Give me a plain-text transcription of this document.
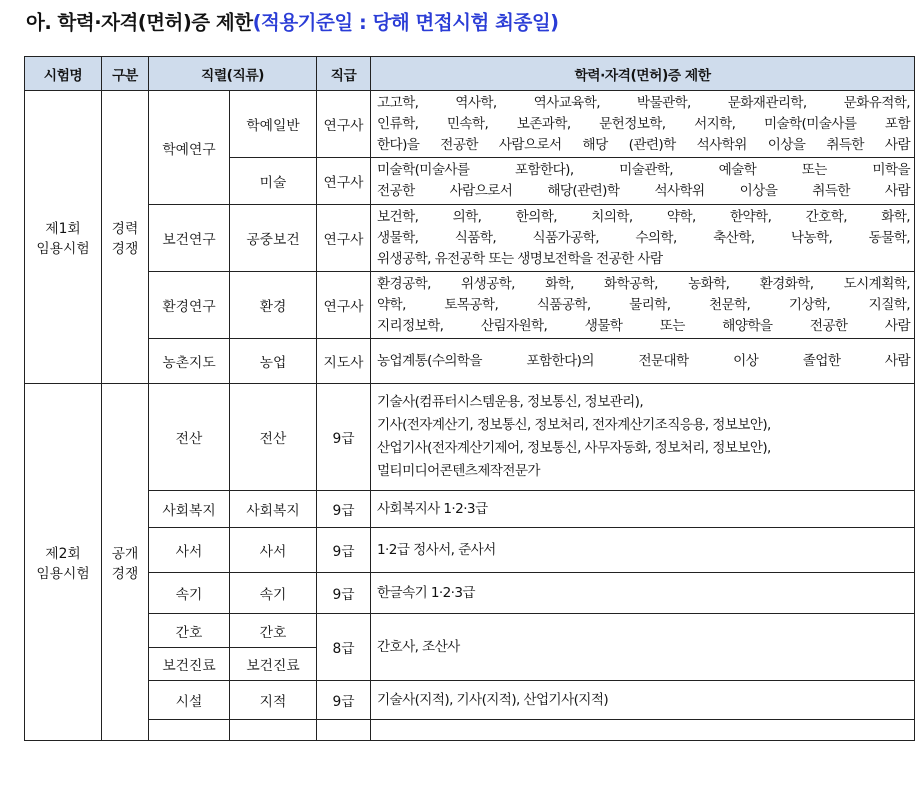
아. 학력·자격(면허)증 제한(적용기준일 : 당해 면접시험 최종일)
시험명	구분	직렬(직류)		직급	학력·자격(면허)증 제한

제1회
임용시험	경력
경쟁	학예연구	학예일반	연구사	고고학, 역사학, 역사교육학, 박물관학, 문화재관리학, 문화유적학,
인류학, 민속학, 보존과학, 문헌정보학, 서지학, 미술학(미술사를 포함
한다)을 전공한 사람으로서 해당 (관련)학 석사학위 이상을 취득한 사람

			미술	연구사	미술학(미술사를 포함한다), 미술관학, 예술학 또는 미학을
전공한 사람으로서 해당(관련)학 석사학위 이상을 취득한 사람

		보건연구	공중보건	연구사	보건학, 의학, 한의학, 치의학, 약학, 한약학, 간호학, 화학,
생물학, 식품학, 식품가공학, 수의학, 축산학, 낙농학, 동물학,
위생공학, 유전공학 또는 생명보전학을 전공한 사람

		환경연구	환경	연구사	환경공학, 위생공학, 화학, 화학공학, 농화학, 환경화학, 도시계획학,
약학, 토목공학, 식품공학, 물리학, 천문학, 기상학, 지질학,
지리정보학, 산림자원학, 생물학 또는 해양학을 전공한 사람

		농촌지도	농업	지도사	농업계통(수의학을 포함한다)의 전문대학 이상 졸업한 사람

제2회
임용시험	공개
경쟁	전산	전산	9급	기술사(컴퓨터시스템운용, 정보통신, 정보관리),
기사(전자계산기, 정보통신, 정보처리, 전자계산기조직응용, 정보보안),
산업기사(전자계산기제어, 정보통신, 사무자동화, 정보처리, 정보보안),
멀티미디어콘텐츠제작전문가

		사회복지	사회복지	9급	사회복지사 1·2·3급
		사서	사서	9급	1·2급 정사서, 준사서
		속기	속기	9급	한글속기 1·2·3급
		간호	간호	8급	간호사, 조산사
		보건진료	보건진료		
		시설	지적	9급	기술사(지적), 기사(지적), 산업기사(지적)
